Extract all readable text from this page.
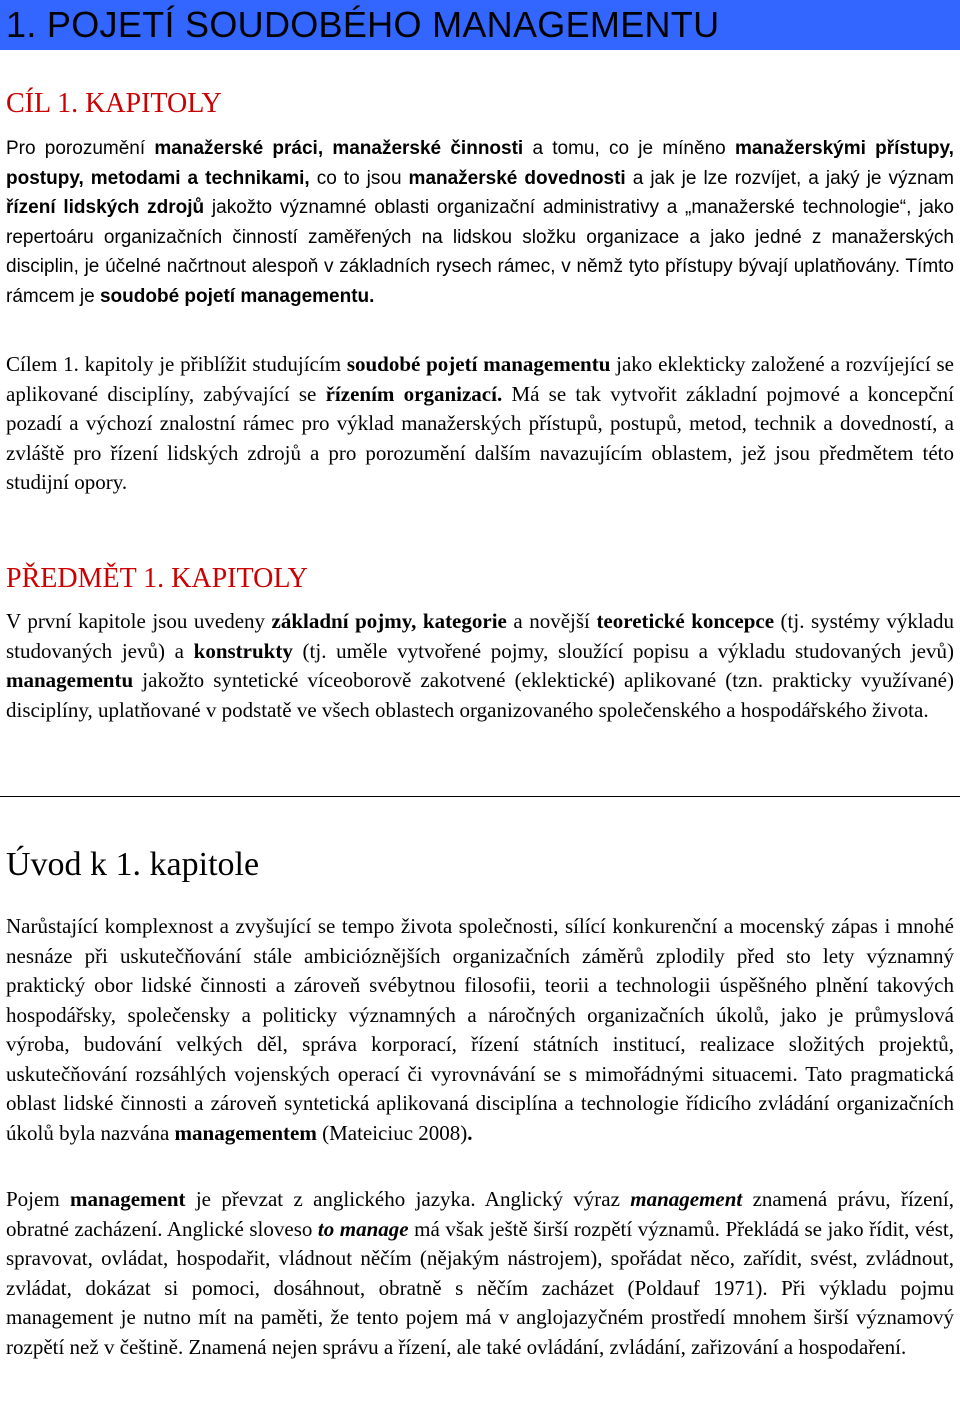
1. POJETÍ SOUDOBÉHO MANAGEMENTU
CÍL 1. KAPITOLY

Pro porozumění manažerské práci, manažerské činnosti a tomu, co je míněno manažerskými přístupy, postupy, metodami a technikami, co to jsou manažerské dovednosti a jak je lze rozvíjet, a jaký je význam řízení lidských zdrojů jakožto významné oblasti organizační administrativy a „manažerské technologie“, jako repertoáru organizačních činností zaměřených na lidskou složku organizace a jako jedné z manažerských disciplin, je účelné načrtnout alespoň v základních rysech rámec, v němž tyto přístupy bývají uplatňovány. Tímto rámcem je soudobé pojetí managementu.

Cílem 1. kapitoly je přiblížit studujícím soudobé pojetí managementu jako eklekticky založené a rozvíjející se aplikované disciplíny, zabývající se řízením organizací. Má se tak vytvořit základní pojmové a koncepční pozadí a výchozí znalostní rámec pro výklad manažerských přístupů, postupů, metod, technik a dovedností, a zvláště pro řízení lidských zdrojů a pro porozumění dalším navazujícím oblastem, jež jsou předmětem této studijní opory.

PŘEDMĚT 1. KAPITOLY

V první kapitole jsou uvedeny základní pojmy, kategorie a novější teoretické koncepce (tj. systémy výkladu studovaných jevů) a konstrukty (tj. uměle vytvořené pojmy, sloužící popisu a výkladu studovaných jevů) managementu jakožto syntetické víceoborově zakotvené (eklektické) aplikované (tzn. prakticky využívané) disciplíny, uplatňované v podstatě ve všech oblastech organizovaného společenského a hospodářského života.

Úvod k 1. kapitole

Narůstající komplexnost a zvyšující se tempo života společnosti, sílící konkurenční a mocenský zápas i mnohé nesnáze při uskutečňování stále ambicióznějších organizačních záměrů zplodily před sto lety významný praktický obor lidské činnosti a zároveň svébytnou filosofii, teorii a technologii úspěšného plnění takových hospodářsky, společensky a politicky významných a náročných organizačních úkolů, jako je průmyslová výroba, budování velkých děl, správa korporací, řízení státních institucí, realizace složitých projektů, uskutečňování rozsáhlých vojenských operací či vyrovnávání se s mimořádnými situacemi. Tato pragmatická oblast lidské činnosti a zároveň syntetická aplikovaná disciplína a technologie řídicího zvládání organizačních úkolů byla nazvána managementem (Mateiciuc 2008).

Pojem management je převzat z anglického jazyka. Anglický výraz management znamená právu, řízení, obratné zacházení. Anglické sloveso to manage má však ještě širší rozpětí významů. Překládá se jako řídit, vést, spravovat, ovládat, hospodařit, vládnout něčím (nějakým nástrojem), spořádat něco, zařídit, svést, zvládnout, zvládat, dokázat si pomoci, dosáhnout, obratně s něčím zacházet (Poldauf 1971). Při výkladu pojmu management je nutno mít na paměti, že tento pojem má v anglojazyčném prostředí mnohem širší významový rozpětí než v češtině. Znamená nejen správu a řízení, ale také ovládání, zvládání, zařizování a hospodaření.
